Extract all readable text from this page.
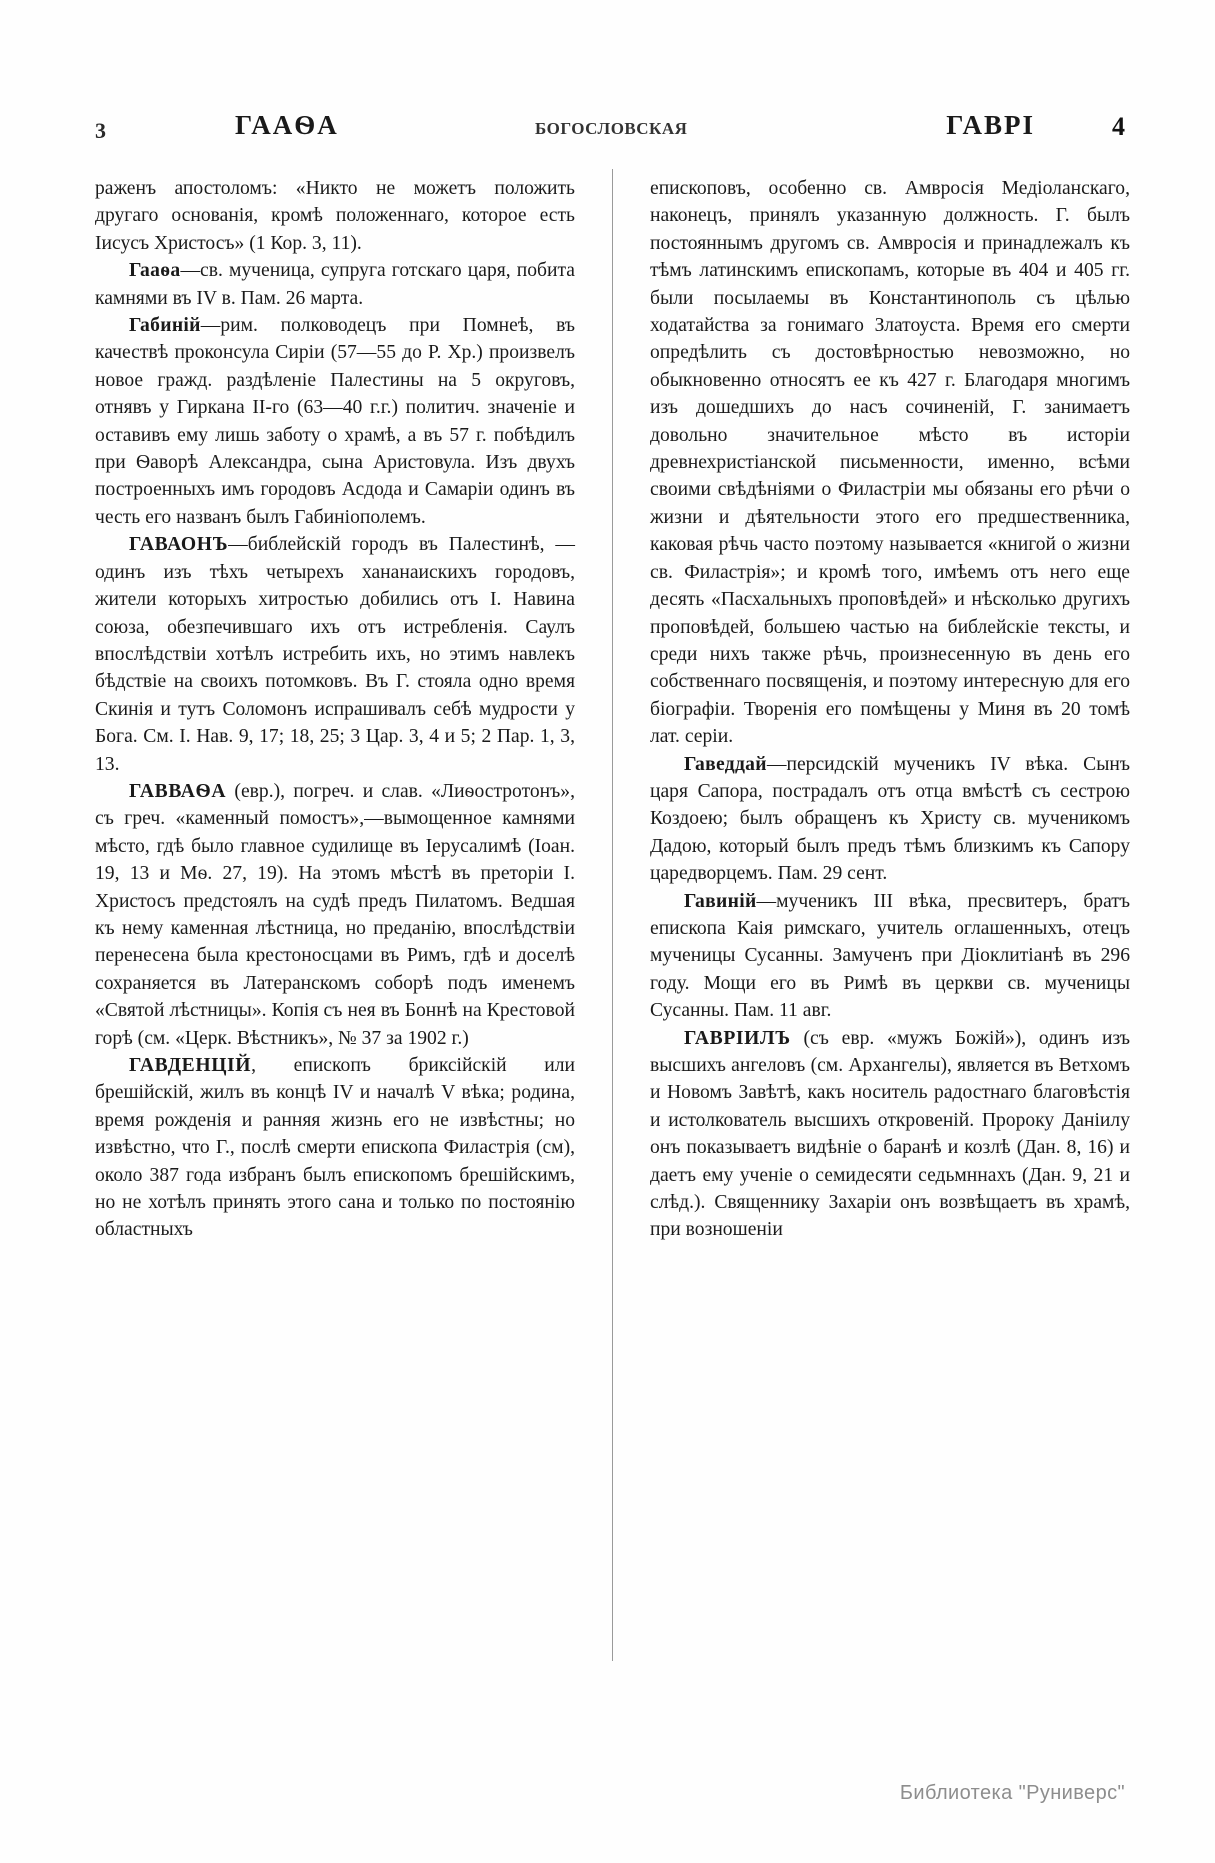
3	ГААѲА	БОГОСЛОВСКАЯ	ГАВРІ	4

раженъ апостоломъ: «Никто не можетъ положить другаго основанія, кромѣ положеннаго, которое есть Іисусъ Христосъ» (1 Кор. 3, 11).

Гааѳа—св. мученица, супруга готскаго царя, побита камнями въ IV в. Пам. 26 марта.

Габиній—рим. полководецъ при Помнеѣ, въ качествѣ проконсула Сиріи (57—55 до Р. Хр.) произвелъ новое гражд. раздѣленіе Палестины на 5 округовъ, отнявъ у Гиркана II-го (63—40 г.г.) политич. значеніе и оставивъ ему лишь заботу о храмѣ, а въ 57 г. побѣдилъ при Ѳаворѣ Александра, сына Аристовула. Изъ двухъ построенныхъ имъ городовъ Асдода и Самаріи одинъ въ честь его названъ былъ Габиніополемъ.

ГАВАОНЪ—библейскій городъ въ Палестинѣ, — одинъ изъ тѣхъ четырехъ хананаискихъ городовъ, жители которыхъ хитростью добились отъ I. Навина союза, обезпечившаго ихъ отъ истребленія. Саулъ впослѣдствіи хотѣлъ истребить ихъ, но этимъ навлекъ бѣдствіе на своихъ потомковъ. Въ Г. стояла одно время Скинія и тутъ Соломонъ испрашивалъ себѣ мудрости у Бога. См. I. Нав. 9, 17; 18, 25; 3 Цар. 3, 4 и 5; 2 Пар. 1, 3, 13.

ГАВВАѲА (евр.), погреч. и слав. «Лиѳостротонъ», съ греч. «каменный помостъ»,—вымощенное камнями мѣсто, гдѣ было главное судилище въ Іерусалимѣ (Іоан. 19, 13 и Мѳ. 27, 19). На этомъ мѣстѣ въ преторіи I. Христосъ предстоялъ на судѣ предъ Пилатомъ. Ведшая къ нему каменная лѣстница, но преданію, впослѣдствіи перенесена была крестоносцами въ Римъ, гдѣ и доселѣ сохраняется въ Латеранскомъ соборѣ подъ именемъ «Святой лѣстницы». Копія съ нея въ Боннѣ на Крестовой горѣ (см. «Церк. Вѣстникъ», № 37 за 1902 г.)

ГАВДЕНЦІЙ, епископъ бриксійскій или брешійскій, жилъ въ концѣ IV и началѣ V вѣка; родина, время рожденія и ранняя жизнь его не извѣстны; но извѣстно, что Г., послѣ смерти епископа Филастрія (см), около 387 года избранъ былъ епископомъ брешійскимъ, но не хотѣлъ принять этого сана и только по постоянію областныхъ

епископовъ, особенно св. Амвросія Медіоланскаго, наконецъ, принялъ указанную должность. Г. былъ постояннымъ другомъ св. Амвросія и принадлежалъ къ тѣмъ латинскимъ епископамъ, которые въ 404 и 405 гг. были посылаемы въ Константинополь съ цѣлью ходатайства за гонимаго Златоуста. Время его смерти опредѣлить съ достовѣрностью невозможно, но обыкновенно относятъ ее къ 427 г. Благодаря многимъ изъ дошедшихъ до насъ сочиненій, Г. занимаетъ довольно значительное мѣсто въ исторіи древнехристіанской письменности, именно, всѣми своими свѣдѣніями о Филастріи мы обязаны его рѣчи о жизни и дѣятельности этого его предшественника, каковая рѣчь часто поэтому называется «книгой о жизни св. Филастрія»; и кромѣ того, имѣемъ отъ него еще десять «Пасхальныхъ проповѣдей» и нѣсколько другихъ проповѣдей, большею частью на библейскіе тексты, и среди нихъ также рѣчь, произнесенную въ день его собственнаго посвященія, и поэтому интересную для его біографіи. Творенія его помѣщены у Миня въ 20 томѣ лат. серіи.

Гаведдай—персидскій мученикъ IV вѣка. Сынъ царя Сапора, пострадалъ отъ отца вмѣстѣ съ сестрою Коздоею; былъ обращенъ къ Христу св. мученикомъ Дадою, который былъ предъ тѣмъ близкимъ къ Сапору царедворцемъ. Пам. 29 сент.

Гавиній—мученикъ III вѣка, пресвитеръ, братъ епископа Каія римскаго, учитель оглашенныхъ, отецъ мученицы Сусанны. Замученъ при Діоклитіанѣ въ 296 году. Мощи его въ Римѣ въ церкви св. мученицы Сусанны. Пам. 11 авг.

ГАВРІИЛЪ (съ евр. «мужъ Божій»), одинъ изъ высшихъ ангеловъ (см. Архангелы), является въ Ветхомъ и Новомъ Завѣтѣ, какъ носитель радостнаго благовѣстія и истолкователь высшихъ откровеній. Пророку Даніилу онъ показываетъ видѣніе о баранѣ и козлѣ (Дан. 8, 16) и даетъ ему ученіе о семидесяти седьмннахъ (Дан. 9, 21 и слѣд.). Священнику Захаріи онъ возвѣщаетъ въ храмѣ, при возношеніи

Библиотека "Руниверс"
